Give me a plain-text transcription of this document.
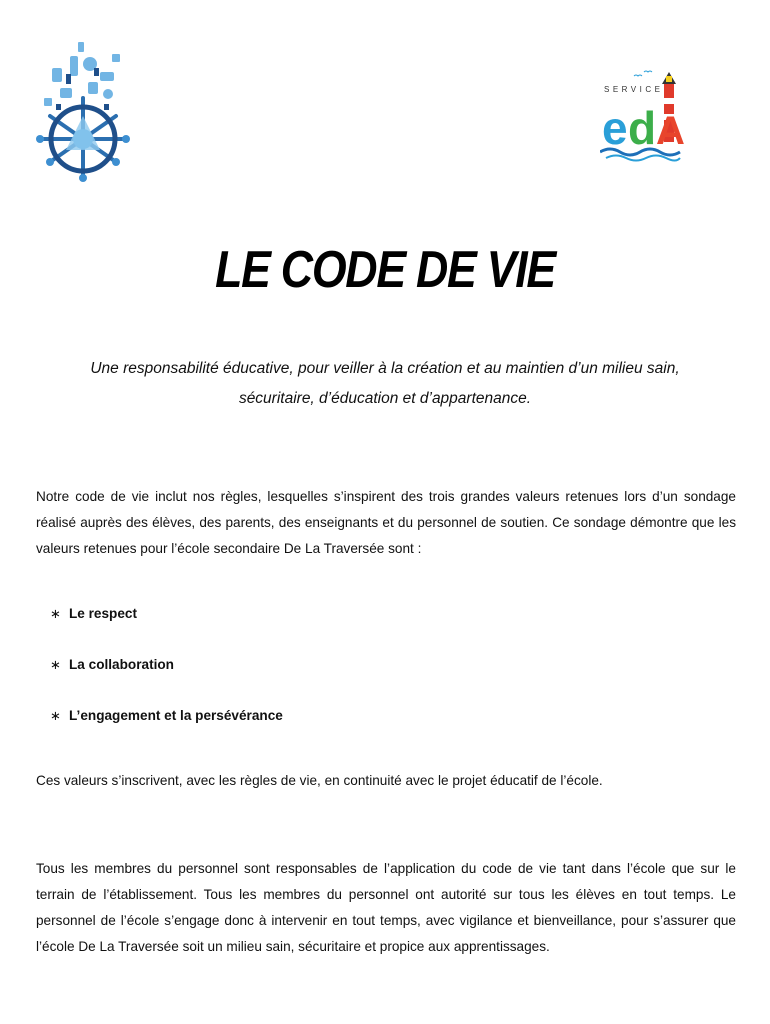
SERVICE
e d A
LE CODE DE VIE
Une responsabilité éducative, pour veiller à la création et au maintien d’un milieu sain, sécuritaire, d’éducation et d’appartenance.
Notre code de vie inclut nos règles, lesquelles s’inspirent des trois grandes valeurs retenues lors d’un sondage réalisé auprès des élèves, des parents, des enseignants et du personnel de soutien. Ce sondage démontre que les valeurs retenues pour l’école secondaire De La Traversée sont :
∗ Le respect
∗ La collaboration
∗ L’engagement et la persévérance
Ces valeurs s’inscrivent, avec les règles de vie, en continuité avec le projet éducatif de l’école.
Tous les membres du personnel sont responsables de l’application du code de vie tant dans l’école que sur le terrain de l’établissement. Tous les membres du personnel ont autorité sur tous les élèves en tout temps. Le personnel de l’école s’engage donc à intervenir en tout temps, avec vigilance et bienveillance, pour s’assurer que l’école De La Traversée soit un milieu sain, sécuritaire et propice aux apprentissages.
